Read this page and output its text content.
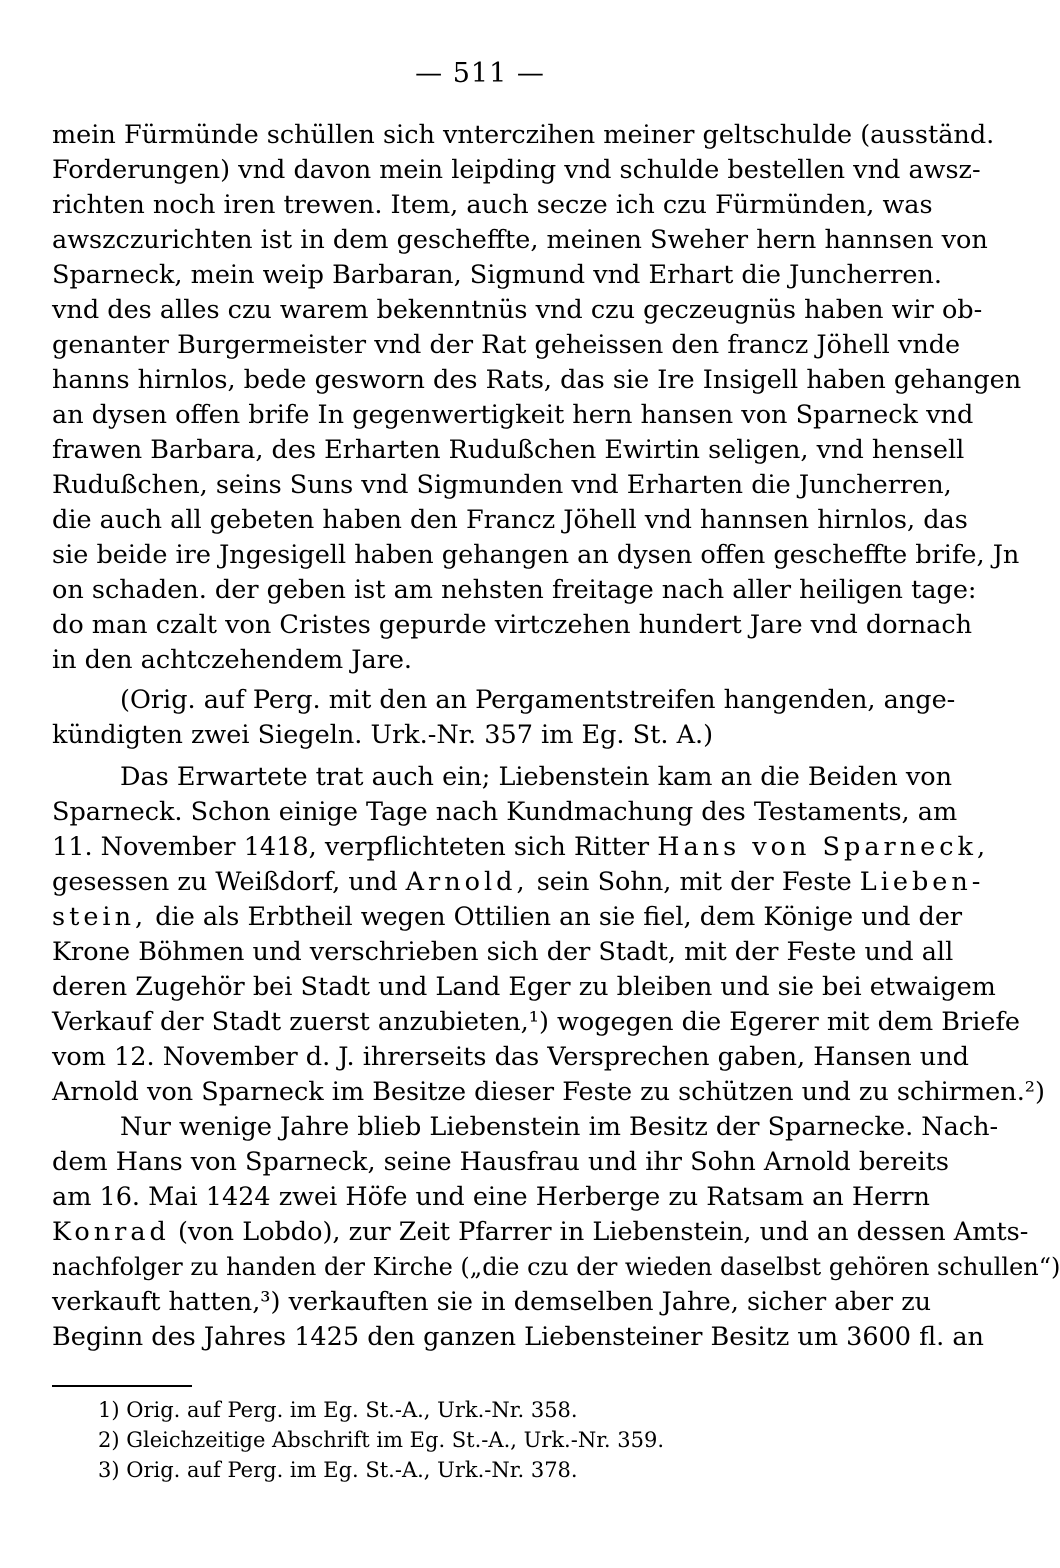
— 511 —
mein Fürmünde schüllen sich vnterczihen meiner geltschulde (ausständ.
Forderungen) vnd davon mein leipding vnd schulde bestellen vnd awsz-
richten noch iren trewen. Item, auch secze ich czu Fürmünden, was
awszczurichten ist in dem gescheffte, meinen Sweher hern hannsen von
Sparneck, mein weip Barbaran, Sigmund vnd Erhart die Juncherren.
vnd des alles czu warem bekenntnüs vnd czu geczeugnüs haben wir ob-
genanter Burgermeister vnd der Rat geheissen den francz Jöhell vnde
hanns hirnlos, bede geswor︎n des Rats, das sie Ire Insigell haben gehangen
an dysen offen brife In gegenwertigkeit hern hansen von Sparneck vnd
frawen Barbara, des Erharten Rudußchen Ewirtin seligen, vnd hensell
Rudußchen, seins Suns vnd Sigmunden vnd Erharten die Juncherren,
die auch all gebeten haben den Francz Jöhell vnd hannsen hirnlos, das
sie beide ire Jngesigell haben gehangen an dysen offen gescheffte brife, Jn
on schaden. der geben ist am nehsten freitage nach aller heiligen tage:
do man czalt von Cristes gepurde virtczehen hundert Jare vnd dornach
in den achtczehendem Jare.
(Orig. auf Perg. mit den an Pergamentstreifen hangenden, ange-
kündigten zwei Siegeln. Urk.-Nr. 357 im Eg. St. A.)
Das Erwartete trat auch ein; Liebenstein kam an die Beiden von
Sparneck. Schon einige Tage nach Kundmachung des Testaments, am
11. November 1418, verpflichteten sich Ritter Hans von Sparneck,
gesessen zu Weißdorf, und Arnold, sein Sohn, mit der Feste Lieben-
stein, die als Erbtheil wegen Ottilien an sie fiel, dem Könige und der
Krone Böhmen und verschrieben sich der Stadt, mit der Feste und all
deren Zugehör bei Stadt und Land Eger zu bleiben und sie bei etwaigem
Verkauf der Stadt zuerst anzubieten,¹) wogegen die Egerer mit dem Briefe
vom 12. November d. J. ihrerseits das Versprechen gaben, Hansen und
Arnold von Sparneck im Besitze dieser Feste zu schützen und zu schirmen.²)
Nur wenige Jahre blieb Liebenstein im Besitz der Sparnecke. Nach-
dem Hans von Sparneck, seine Hausfrau und ihr Sohn Arnold bereits
am 16. Mai 1424 zwei Höfe und eine Herberge zu Ratsam an Herrn
Konrad (von Lobdo), zur Zeit Pfarrer in Liebenstein, und an dessen Amts-
nachfolger zu handen der Kirche („die czu der wieden daselbst gehören schullen“)
verkauft hatten,³) verkauften sie in demselben Jahre, sicher aber zu
Beginn des Jahres 1425 den ganzen Liebensteiner Besitz um 3600 fl. an
1) Orig. auf Perg. im Eg. St.-A., Urk.-Nr. 358.
2) Gleichzeitige Abschrift im Eg. St.-A., Urk.-Nr. 359.
3) Orig. auf Perg. im Eg. St.-A., Urk.-Nr. 378.
